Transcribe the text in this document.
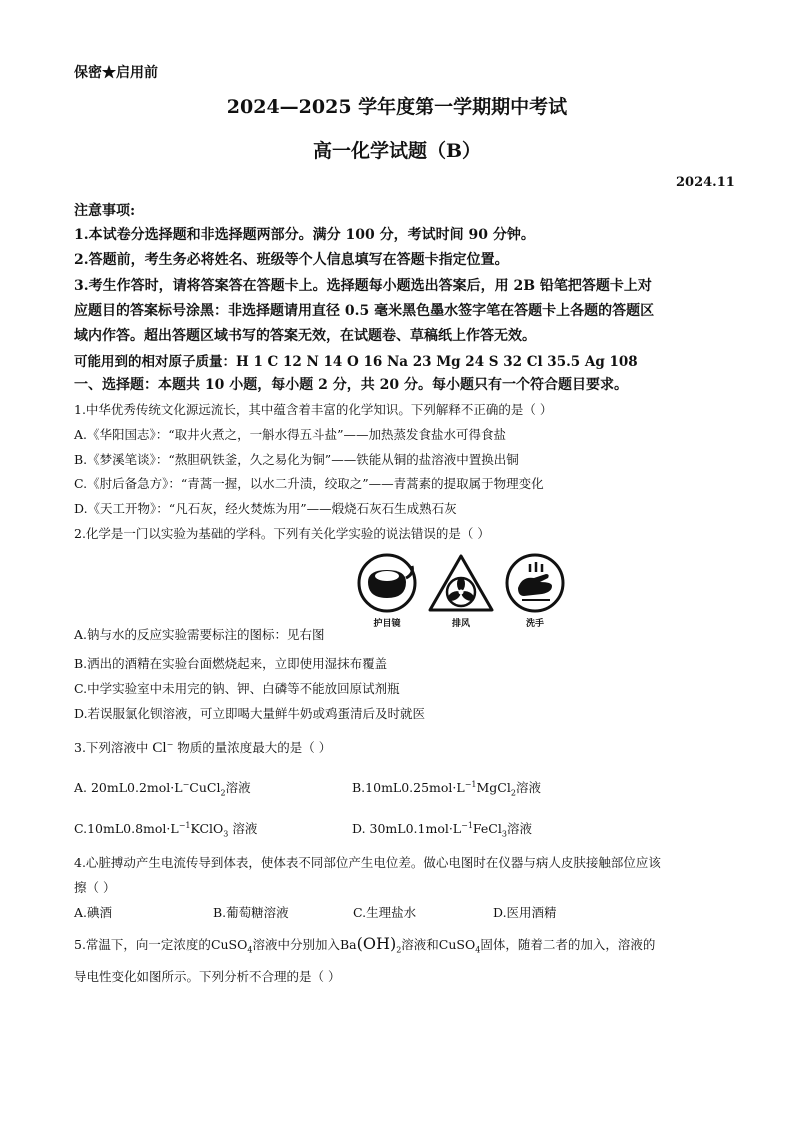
保密★启用前
2024—2025 学年度第一学期期中考试
高一化学试题（B）
2024.11
注意事项:
1.本试卷分选择题和非选择题两部分。满分 100 分，考试时间 90 分钟。
2.答题前，考生务必将姓名、班级等个人信息填写在答题卡指定位置。
3.考生作答时，请将答案答在答题卡上。选择题每小题选出答案后，用 2B 铅笔把答题卡上对
应题目的答案标号涂黑：非选择题请用直径 0.5 毫米黑色墨水签字笔在答题卡上各题的答题区
域内作答。超出答题区域书写的答案无效，在试题卷、草稿纸上作答无效。
可能用到的相对原子质量：H 1 C 12 N 14 O 16 Na 23 Mg 24 S 32 Cl 35.5 Ag 108
一、选择题：本题共 10 小题，每小题 2 分，共 20 分。每小题只有一个符合题目要求。
1.中华优秀传统文化源远流长，其中蕴含着丰富的化学知识。下列解释不正确的是（ ）
A.《华阳国志》：“取井火煮之，一斛水得五斗盐”——加热蒸发食盐水可得食盐
B.《梦溪笔谈》：“熬胆矾铁釜，久之易化为铜”——铁能从铜的盐溶液中置换出铜
C.《肘后备急方》：“青蒿一握，以水二升渍，绞取之”——青蒿素的提取属于物理变化
D.《天工开物》：“凡石灰，经火焚炼为用”——煅烧石灰石生成熟石灰
2.化学是一门以实验为基础的学科。下列有关化学实验的说法错误的是（ ）
护目镜	排风	洗手
A.钠与水的反应实验需要标注的图标：见右图
B.洒出的酒精在实验台面燃烧起来，立即使用湿抹布覆盖
C.中学实验室中未用完的钠、钾、白磷等不能放回原试剂瓶
D.若误服氯化钡溶液，可立即喝大量鲜牛奶或鸡蛋清后及时就医
3.下列溶液中 Cl− 物质的量浓度最大的是（ ）
A. 20mL0.2mol·L−CuCl$_2$溶液	$B.10mL0.25mol\cdot L^{-1}MgCl_2$溶液
$C.10mL0.8mol\cdot L^{-1}KClO_3$ 溶液	D. $30mL0.1mol\cdot L^{-1}FeCl_3$溶液
4.心脏搏动产生电流传导到体表，使体表不同部位产生电位差。做心电图时在仪器与病人皮肤接触部位应该
擦（ ）
A.碘酒	B.葡萄糖溶液	C.生理盐水	D.医用酒精
5.常温下，向一定浓度的CuSO$_4$溶液中分别加入$Ba(OH)_2$溶液和CuSO$_4$固体，随着二者的加入，溶液的
导电性变化如图所示。下列分析不合理的是（ ）
